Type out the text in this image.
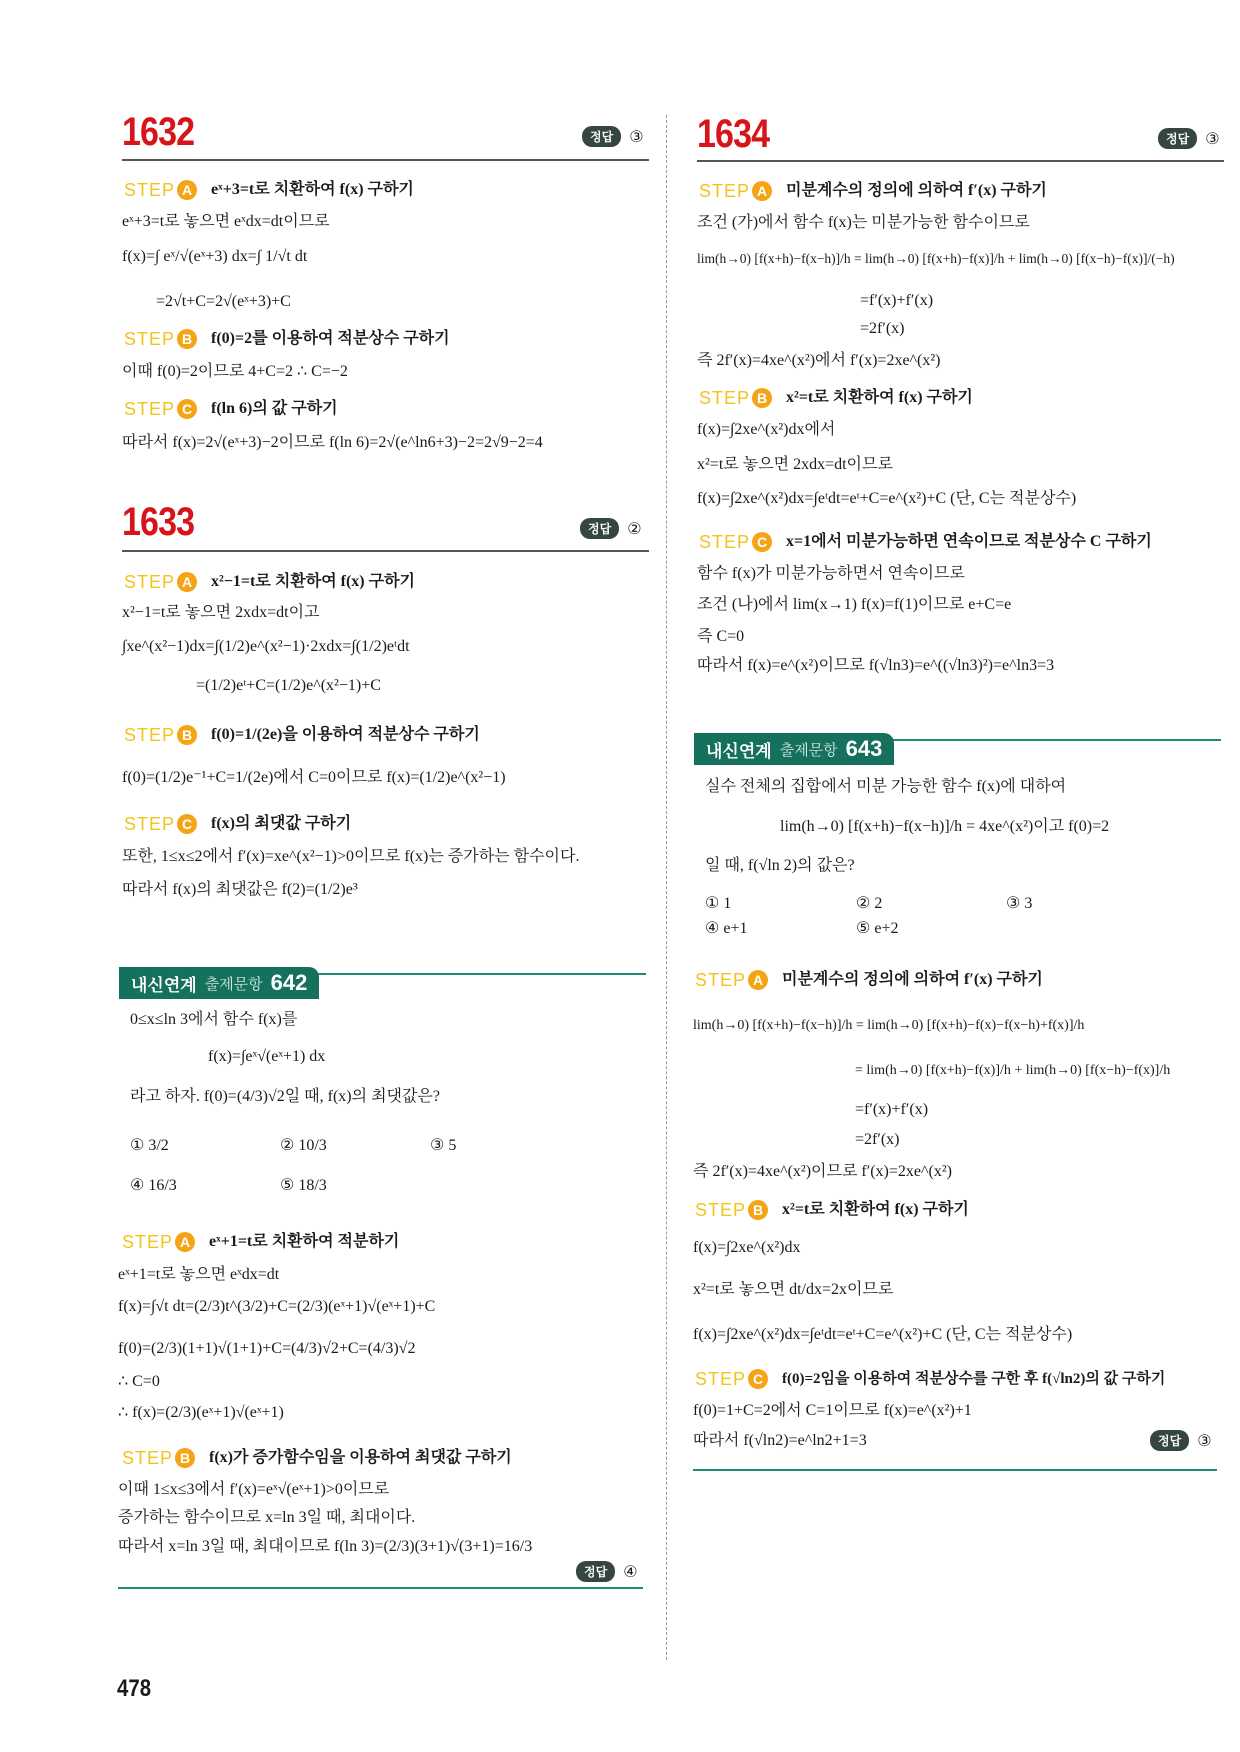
1632	정답	③
STEP A	eˣ+3=t로 치환하여 f(x) 구하기
eˣ+3=t로 놓으면 eˣdx=dt이므로
f(x)=∫ eˣ/√(eˣ+3) dx=∫ 1/√t dt
=2√t+C=2√(eˣ+3)+C
STEP B	f(0)=2를 이용하여 적분상수 구하기
이때 f(0)=2이므로 4+C=2 ∴ C=−2
STEP C	f(ln 6)의 값 구하기
따라서 f(x)=2√(eˣ+3)−2이므로 f(ln 6)=2√(e^ln6+3)−2=2√9−2=4
1633	정답	②
STEP A	x²−1=t로 치환하여 f(x) 구하기
x²−1=t로 놓으면 2xdx=dt이고
∫xe^(x²−1)dx=∫(1/2)e^(x²−1)·2xdx=∫(1/2)eᵗdt
=(1/2)eᵗ+C=(1/2)e^(x²−1)+C
STEP B	f(0)=1/(2e)을 이용하여 적분상수 구하기
f(0)=(1/2)e⁻¹+C=1/(2e)에서 C=0이므로 f(x)=(1/2)e^(x²−1)
STEP C	f(x)의 최댓값 구하기
또한, 1≤x≤2에서 f′(x)=xe^(x²−1)>0이므로 f(x)는 증가하는 함수이다.
따라서 f(x)의 최댓값은 f(2)=(1/2)e³
내신연계 출제문항 642
0≤x≤ln 3에서 함수 f(x)를
f(x)=∫eˣ√(eˣ+1) dx
라고 하자. f(0)=(4/3)√2일 때, f(x)의 최댓값은?
① 3/2	② 10/3	③ 5
④ 16/3	⑤ 18/3
STEP A	eˣ+1=t로 치환하여 적분하기
eˣ+1=t로 놓으면 eˣdx=dt
f(x)=∫√t dt=(2/3)t^(3/2)+C=(2/3)(eˣ+1)√(eˣ+1)+C
f(0)=(2/3)(1+1)√(1+1)+C=(4/3)√2+C=(4/3)√2
∴ C=0
∴ f(x)=(2/3)(eˣ+1)√(eˣ+1)
STEP B	f(x)가 증가함수임을 이용하여 최댓값 구하기
이때 1≤x≤3에서 f′(x)=eˣ√(eˣ+1)>0이므로
증가하는 함수이므로 x=ln 3일 때, 최대이다.
따라서 x=ln 3일 때, 최대이므로 f(ln 3)=(2/3)(3+1)√(3+1)=16/3
정답	④
1634	정답	③
STEP A	미분계수의 정의에 의하여 f′(x) 구하기
조건 (가)에서 함수 f(x)는 미분가능한 함수이므로
lim(h→0) [f(x+h)−f(x−h)]/h = lim(h→0) [f(x+h)−f(x)]/h + lim(h→0) [f(x−h)−f(x)]/(−h)
=f′(x)+f′(x)
=2f′(x)
즉 2f′(x)=4xe^(x²)에서 f′(x)=2xe^(x²)
STEP B	x²=t로 치환하여 f(x) 구하기
f(x)=∫2xe^(x²)dx에서
x²=t로 놓으면 2xdx=dt이므로
f(x)=∫2xe^(x²)dx=∫eᵗdt=eᵗ+C=e^(x²)+C (단, C는 적분상수)
STEP C	x=1에서 미분가능하면 연속이므로 적분상수 C 구하기
함수 f(x)가 미분가능하면서 연속이므로
조건 (나)에서 lim(x→1) f(x)=f(1)이므로 e+C=e
즉 C=0
따라서 f(x)=e^(x²)이므로 f(√ln3)=e^((√ln3)²)=e^ln3=3
내신연계 출제문항 643
실수 전체의 집합에서 미분 가능한 함수 f(x)에 대하여
lim(h→0) [f(x+h)−f(x−h)]/h = 4xe^(x²)이고 f(0)=2
일 때, f(√ln 2)의 값은?
① 1	② 2	③ 3
④ e+1	⑤ e+2
STEP A	미분계수의 정의에 의하여 f′(x) 구하기
lim(h→0) [f(x+h)−f(x−h)]/h = lim(h→0) [f(x+h)−f(x)−f(x−h)+f(x)]/h
= lim(h→0) [f(x+h)−f(x)]/h + lim(h→0) [f(x−h)−f(x)]/h
=f′(x)+f′(x)
=2f′(x)
즉 2f′(x)=4xe^(x²)이므로 f′(x)=2xe^(x²)
STEP B	x²=t로 치환하여 f(x) 구하기
f(x)=∫2xe^(x²)dx
x²=t로 놓으면 dt/dx=2x이므로
f(x)=∫2xe^(x²)dx=∫eᵗdt=eᵗ+C=e^(x²)+C (단, C는 적분상수)
STEP C	f(0)=2임을 이용하여 적분상수를 구한 후 f(√ln2)의 값 구하기
f(0)=1+C=2에서 C=1이므로 f(x)=e^(x²)+1
따라서 f(√ln2)=e^ln2+1=3	정답	③
478
